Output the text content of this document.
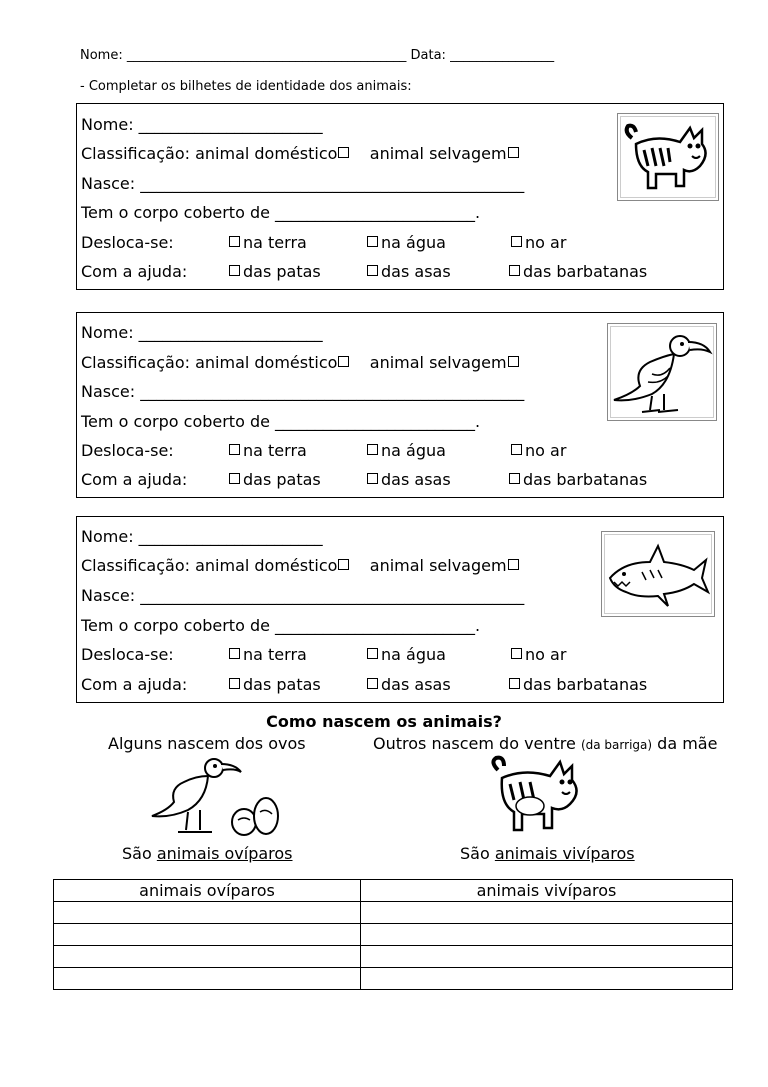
Nome: ___________________________________________ Data: ________________
- Completar os bilhetes de identidade dos animais:
Nome: _______________________
Classificação: animal doméstico animal selvagem
Nasce: ________________________________________________
Tem o corpo coberto de _________________________.
Desloca-se:	na terra	na água	no ar
Com a ajuda:	das patas	das asas	das barbatanas
Nome: _______________________
Classificação: animal doméstico animal selvagem
Nasce: ________________________________________________
Tem o corpo coberto de _________________________.
Desloca-se:	na terra	na água	no ar
Com a ajuda:	das patas	das asas	das barbatanas
Nome: _______________________
Classificação: animal doméstico animal selvagem
Nasce: ________________________________________________
Tem o corpo coberto de _________________________.
Desloca-se:	na terra	na água	no ar
Com a ajuda:	das patas	das asas	das barbatanas
Como nascem os animais?
Alguns nascem dos ovos	Outros nascem do ventre (da barriga) da mãe
São animais ovíparos	São animais vivíparos
animais ovíparos	animais vivíparos
